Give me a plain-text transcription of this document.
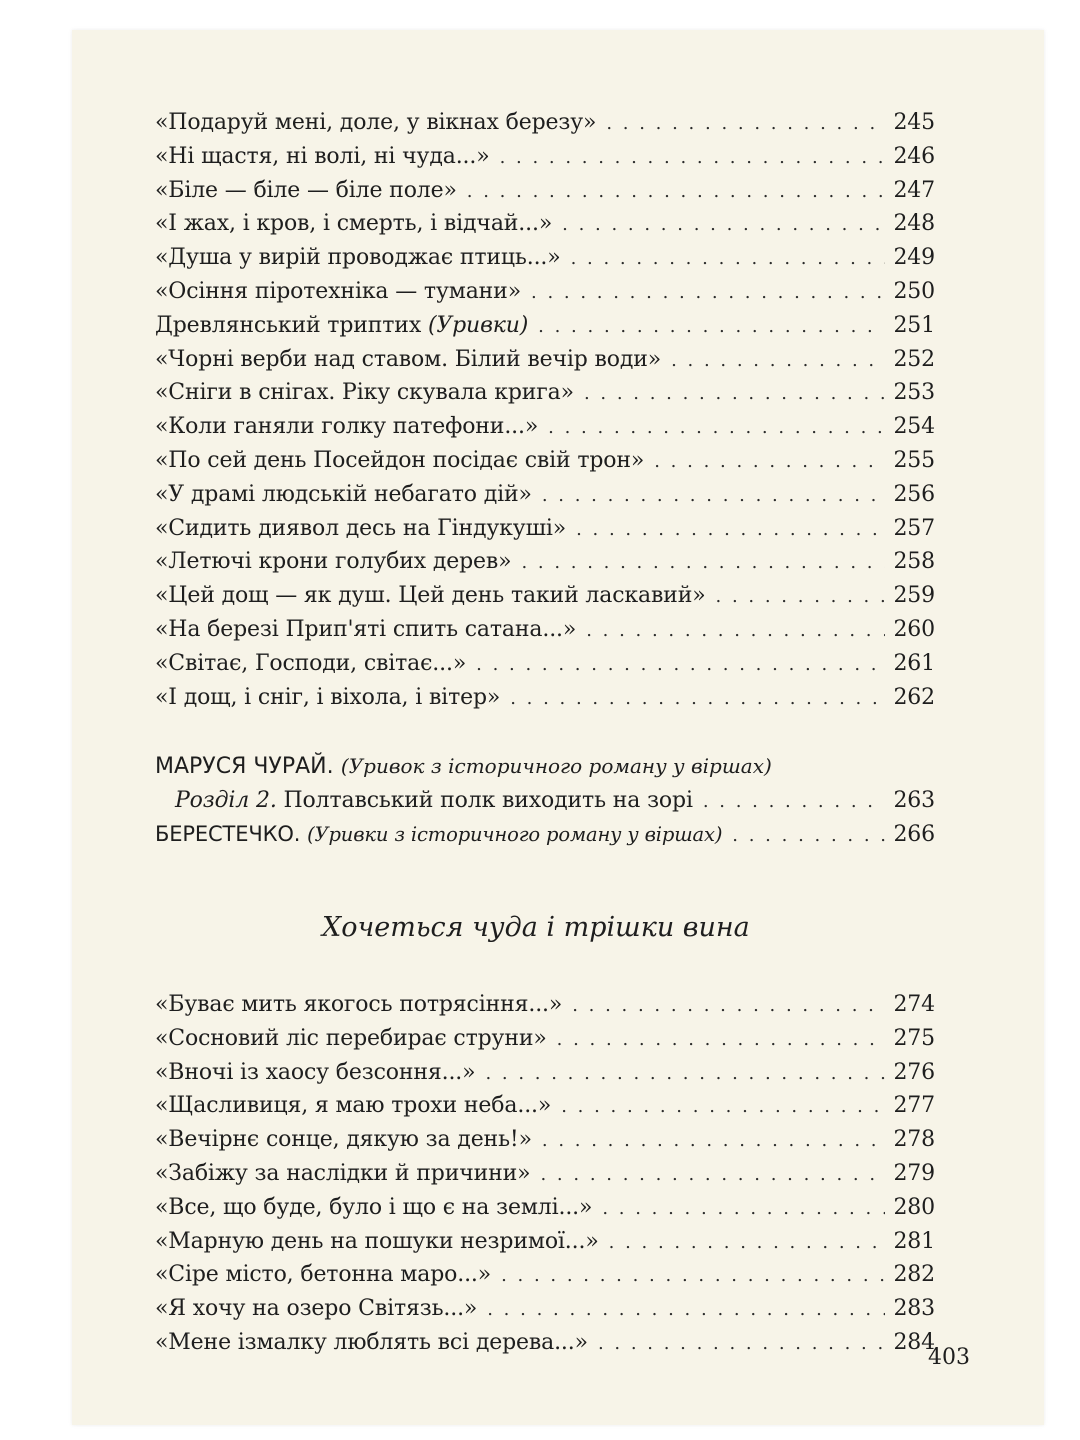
«Подаруй мені, доле, у вікнах березу» . . .	245
«Ні щастя, ні волі, ні чуда...» . . .	246
«Біле — біле — біле поле» . . .	247
«І жах, і кров, і смерть, і відчай...» . . .	248
«Душа у вирій проводжає птиць...» . . .	249
«Осіння піротехніка — тумани» . . .	250
Древлянський триптих (Уривки) . . .	251
«Чорні верби над ставом. Білий вечір води» . . .	252
«Сніги в снігах. Ріку скувала крига» . . .	253
«Коли ганяли голку патефони...» . . .	254
«По сей день Посейдон посідає свій трон» . . .	255
«У драмі людській небагато дій» . . .	256
«Сидить диявол десь на Гіндукуші» . . .	257
«Летючі крони голубих дерев» . . .	258
«Цей дощ — як душ. Цей день такий ласкавий» . . .	259
«На березі Прип'яті спить сатана...» . . .	260
«Світає, Господи, світає...» . . .	261
«І дощ, і сніг, і віхола, і вітер» . . .	262
МАРУСЯ ЧУРАЙ. (Уривок з історичного роману у віршах)
Розділ 2. Полтавський полк виходить на зорі . . .	263
БЕРЕСТЕЧКО. (Уривки з історичного роману у віршах) . . .	266
Хочеться чуда і трішки вина
«Буває мить якогось потрясіння...» . . .	274
«Сосновий ліс перебирає струни» . . .	275
«Вночі із хаосу безсоння...» . . .	276
«Щасливиця, я маю трохи неба...» . . .	277
«Вечірнє сонце, дякую за день!» . . .	278
«Забіжу за наслідки й причини» . . .	279
«Все, що буде, було і що є на землі...» . . .	280
«Марную день на пошуки незримої...» . . .	281
«Сіре місто, бетонна маро...» . . .	282
«Я хочу на озеро Світязь...» . . .	283
«Мене ізмалку люблять всі дерева...» . . .	284
403
